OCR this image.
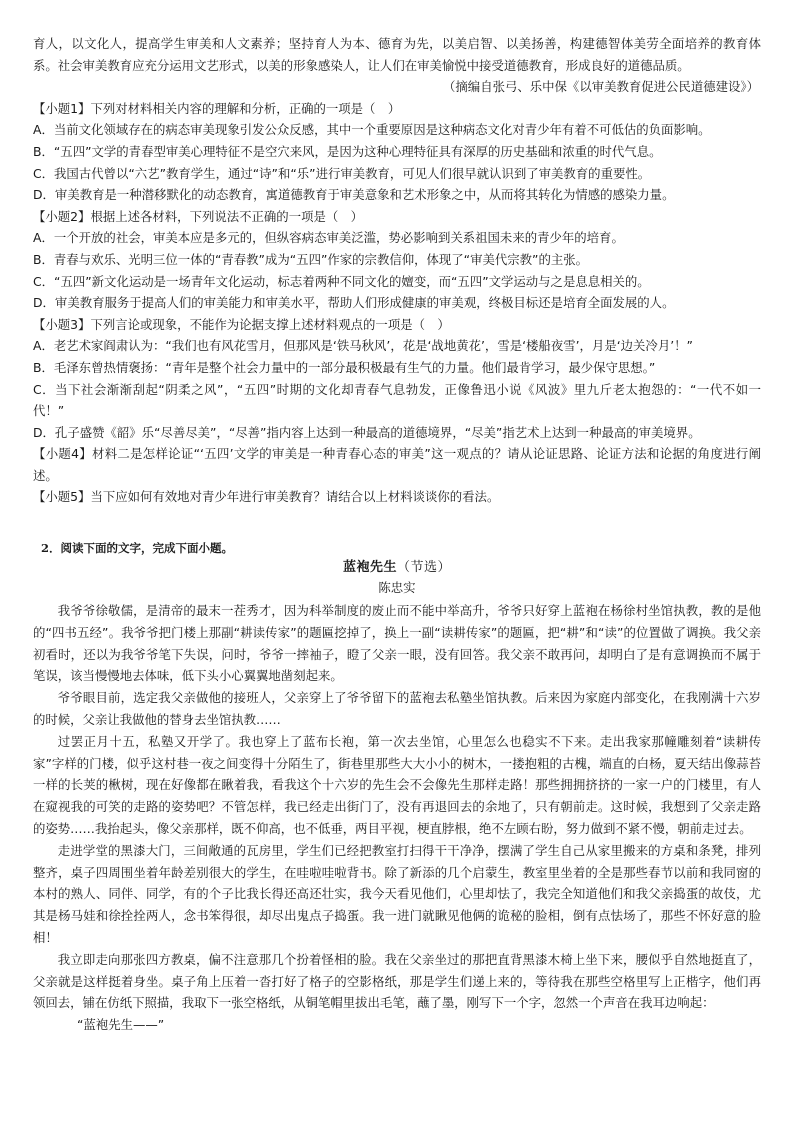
育人，以文化人，提高学生审美和人文素养；坚持育人为本、德育为先，以美启智、以美扬善，构建德智体美劳全面培养的教育体系。社会审美教育应充分运用文艺形式，以美的形象感染人，让人们在审美愉悦中接受道德教育，形成良好的道德品质。

（摘编自张弓、乐中保《以审美教育促进公民道德建设》）

【小题1】下列对材料相关内容的理解和分析，正确的一项是（　）

A．当前文化领域存在的病态审美现象引发公众反感，其中一个重要原因是这种病态文化对青少年有着不可低估的负面影响。

B．“五四”文学的青春型审美心理特征不是空穴来风，是因为这种心理特征具有深厚的历史基础和浓重的时代气息。

C．我国古代曾以“六艺”教育学生，通过“诗”和“乐”进行审美教育，可见人们很早就认识到了审美教育的重要性。

D．审美教育是一种潜移默化的动态教育，寓道德教育于审美意象和艺术形象之中，从而将其转化为情感的感染力量。

【小题2】根据上述各材料，下列说法不正确的一项是（　）

A．一个开放的社会，审美本应是多元的，但纵容病态审美泛滥，势必影响到关系祖国未来的青少年的培育。

B．青春与欢乐、光明三位一体的“青春教”成为“五四”作家的宗教信仰，体现了“审美代宗教”的主张。

C．“五四”新文化运动是一场青年文化运动，标志着两种不同文化的嬗变，而“五四”文学运动与之是息息相关的。

D．审美教育服务于提高人们的审美能力和审美水平，帮助人们形成健康的审美观，终极目标还是培育全面发展的人。

【小题3】下列言论或现象，不能作为论据支撑上述材料观点的一项是（　）

A．老艺术家阎肃认为：“我们也有风花雪月，但那风是‘铁马秋风’，花是‘战地黄花’，雪是‘楼船夜雪’，月是‘边关冷月’！”

B．毛泽东曾热情褒扬：“青年是整个社会力量中的一部分最积极最有生气的力量。他们最肯学习，最少保守思想。”

C．当下社会渐渐刮起“阴柔之风”，“五四”时期的文化却青春气息勃发，正像鲁迅小说《风波》里九斤老太抱怨的：“一代不如一代！”

D．孔子盛赞《韶》乐“尽善尽美”，“尽善”指内容上达到一种最高的道德境界，“尽美”指艺术上达到一种最高的审美境界。

【小题4】材料二是怎样论证“‘五四’文学的审美是一种青春心态的审美”这一观点的？请从论证思路、论证方法和论据的角度进行阐述。

【小题5】当下应如何有效地对青少年进行审美教育？请结合以上材料谈谈你的看法。

2．阅读下面的文字，完成下面小题。

蓝袍先生（节选）

陈忠实

我爷爷徐敬儒，是清帝的最末一茬秀才，因为科举制度的废止而不能中举高升，爷爷只好穿上蓝袍在杨徐村坐馆执教，教的是他的“四书五经”。我爷爷把门楼上那副“耕读传家”的题匾挖掉了，换上一副“读耕传家”的题匾，把“耕”和“读”的位置做了调换。我父亲初看时，还以为我爷爷笔下失误，问时，爷爷一摔袖子，瞪了父亲一眼，没有回答。我父亲不敢再问，却明白了是有意调换而不属于笔误，该当慢慢地去体味，低下头小心翼翼地凿刻起来。

爷爷眼目前，选定我父亲做他的接班人，父亲穿上了爷爷留下的蓝袍去私塾坐馆执教。后来因为家庭内部变化，在我刚满十六岁的时候，父亲让我做他的替身去坐馆执教……

过罢正月十五，私塾又开学了。我也穿上了蓝布长袍，第一次去坐馆，心里怎么也稳实不下来。走出我家那幢雕刻着“读耕传家”字样的门楼，似乎这村巷一夜之间变得十分陌生了，街巷里那些大大小小的树木，一搂抱粗的古槐，端直的白杨，夏天结出像蒜苔一样的长荚的楸树，现在好像都在瞅着我，看我这个十六岁的先生会不会像先生那样走路！那些拥拥挤挤的一家一户的门楼里，有人在窥视我的可笑的走路的姿势吧？不管怎样，我已经走出街门了，没有再退回去的余地了，只有朝前走。这时候，我想到了父亲走路的姿势……我抬起头，像父亲那样，既不仰高，也不低垂，两目平视，梗直脖根，绝不左顾右盼，努力做到不紧不慢，朝前走过去。

走进学堂的黑漆大门，三间敞通的瓦房里，学生们已经把教室打扫得干干净净，摆满了学生自己从家里搬来的方桌和条凳，排列整齐，桌子四周围坐着年龄差别很大的学生，在哇啦哇啦背书。除了新添的几个启蒙生，教室里坐着的全是那些春节以前和我同窗的本村的熟人、同伴、同学，有的个子比我长得还高还壮实，我今天看见他们，心里却怯了，我完全知道他们和我父亲捣蛋的故伎，尤其是杨马娃和徐拴拴两人，念书笨得很，却尽出鬼点子捣蛋。我一进门就瞅见他俩的诡秘的脸相，倒有点怯场了，那些不怀好意的脸相！

我立即走向那张四方教桌，偏不注意那几个扮着怪相的脸。我在父亲坐过的那把直背黑漆木椅上坐下来，腰似乎自然地挺直了，父亲就是这样挺着身坐。桌子角上压着一沓打好了格子的空影格纸，那是学生们递上来的，等待我在那些空格里写上正楷字，他们再领回去，铺在仿纸下照描，我取下一张空格纸，从铜笔帽里拔出毛笔，蘸了墨，刚写下一个字，忽然一个声音在我耳边响起：

“蓝袍先生——”
